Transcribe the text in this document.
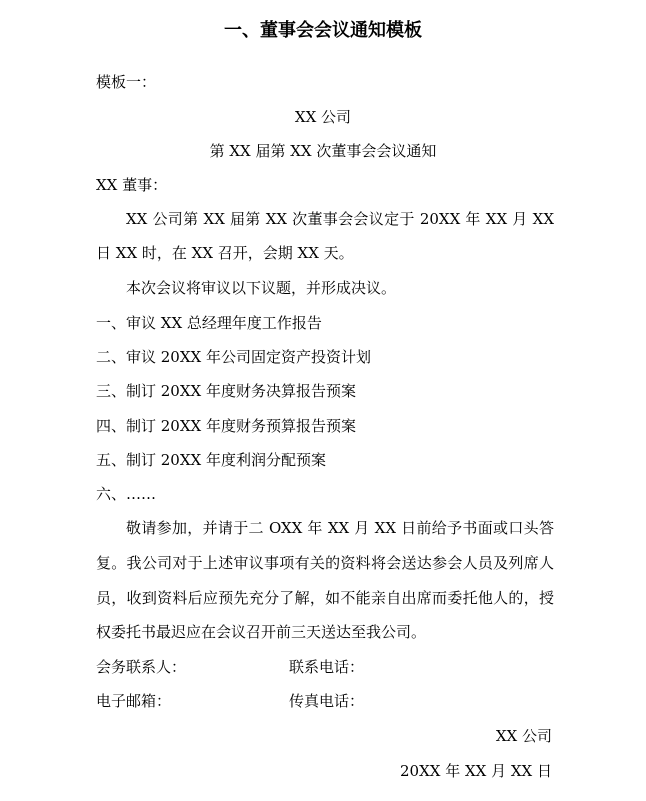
一、董事会会议通知模板
模板一：
XX 公司
第 XX 届第 XX 次董事会会议通知
XX 董事：
XX 公司第 XX 届第 XX 次董事会会议定于 20XX 年 XX 月 XX
日 XX 时，在 XX 召开，会期 XX 天。
本次会议将审议以下议题，并形成决议。
一、审议 XX 总经理年度工作报告
二、审议 20XX 年公司固定资产投资计划
三、制订 20XX 年度财务决算报告预案
四、制订 20XX 年度财务预算报告预案
五、制订 20XX 年度利润分配预案
六、……
敬请参加，并请于二 OXX 年 XX 月 XX 日前给予书面或口头答
复。我公司对于上述审议事项有关的资料将会送达参会人员及列席人
员，收到资料后应预先充分了解，如不能亲自出席而委托他人的，授
权委托书最迟应在会议召开前三天送达至我公司。
会务联系人：	联系电话：
电子邮箱：	传真电话：
XX 公司
20XX 年 XX 月 XX 日
